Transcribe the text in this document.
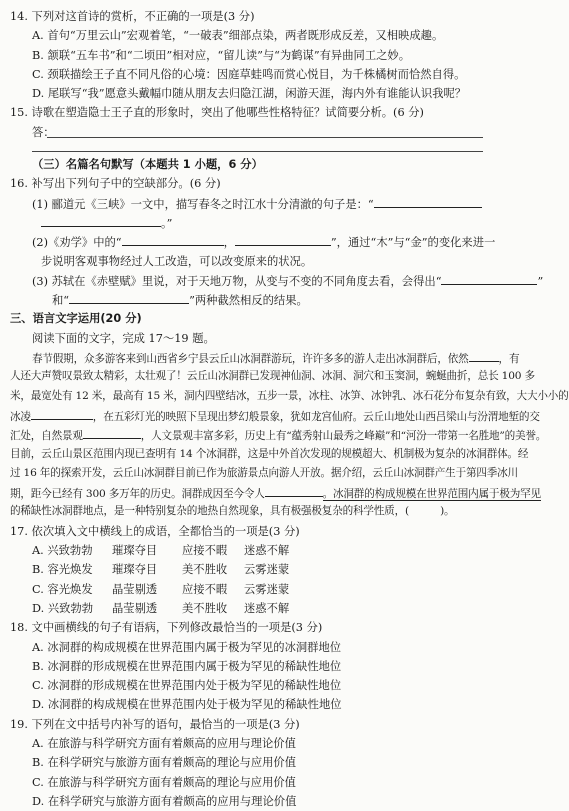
14. 下列对这首诗的赏析，不正确的一项是(3 分)
A. 首句“万里云山”宏观着笔，“一破表”细部点染，两者既形成反差，又相映成趣。
B. 颔联“五车书”和“二顷田”相对应，“留儿读”与“为鹤谋”有异曲同工之妙。
C. 颈联描绘王子直不同凡俗的心境：因庭草蛙鸣而赏心悦目，为千株橘树而恰然自得。
D. 尾联写“我”愿意头戴幅巾随从朋友去归隐江湖，闲游天涯，海内外有谁能认识我呢？
15. 诗歌在塑造隐士王子直的形象时，突出了他哪些性格特征？试简要分析。(6 分)
答：
（三）名篇名句默写（本题共 1 小题，6 分）
16. 补写出下列句子中的空缺部分。(6 分)
(1) 郦道元《三峡》一文中，描写春冬之时江水十分清澈的句子是：“
。”
(2)《劝学》中的“	，	”，通过“木”与“金”的变化来进一
步说明客观事物经过人工改造，可以改变原来的状况。
(3) 苏轼在《赤壁赋》里说，对于天地万物，从变与不变的不同角度去看，会得出“	”
和“	”两种截然相反的结果。
三、语言文字运用(20 分)
阅读下面的文字，完成 17～19 题。
春节假期，众多游客来到山西省乡宁县云丘山冰洞群游玩，许许多多的游人走出冰洞群后，依然	，有
人还大声赞叹景致太精彩，太壮观了！云丘山冰洞群已发现神仙洞、冰洞、洞穴和玉窦洞，蜿蜒曲折，总长 100 多
米，最宽处有 12 米，最高有 15 米，洞内四壁结冰，五步一景，冰柱、冰笋、冰钟乳、冰石花分布复杂有致，大大小小的
冰凌	，在五彩灯光的映照下呈现出梦幻般景象，犹如龙宫仙府。云丘山地处山西吕梁山与汾渭地堑的交
汇处，自然景观	，人文景观丰富多彩，历史上有“蕴秀射山最秀之峰巅”和“河汾一带第一名胜地”的美誉。
目前，云丘山景区范围内现已查明有 14 个冰洞群，这是中外首次发现的规模超大、机制极为复杂的冰洞群体。经
过 16 年的探索开发，云丘山冰洞群目前已作为旅游景点向游人开放。据介绍，云丘山冰洞群产生于第四季冰川
期，距今已经有 300 多万年的历史。洞群成因至今令人	。冰洞群的构成规模在世界范围内属于极为罕见
的稀缺性冰洞群地点，是一种特别复杂的地热自然现象，具有极强极复杂的科学性质，(　　　)。
17. 依次填入文中横线上的成语，全都恰当的一项是(3 分)
A. 兴致勃勃 璀璨夺目 应接不暇 迷惑不解
B. 容光焕发 璀璨夺目 美不胜收 云雾迷蒙
C. 容光焕发 晶莹剔透 应接不暇 云雾迷蒙
D. 兴致勃勃 晶莹剔透 美不胜收 迷惑不解
18. 文中画横线的句子有语病，下列修改最恰当的一项是(3 分)
A. 冰洞群的构成规模在世界范围内属于极为罕见的冰洞群地位
B. 冰洞群的形成规模在世界范围内属于极为罕见的稀缺性地位
C. 冰洞群的形成规模在世界范围内处于极为罕见的稀缺性地位
D. 冰洞群的构成规模在世界范围内处于极为罕见的稀缺性地位
19. 下列在文中括号内补写的语句，最恰当的一项是(3 分)
A. 在旅游与科学研究方面有着颇高的应用与理论价值
B. 在科学研究与旅游方面有着颇高的理论与应用价值
C. 在旅游与科学研究方面有着颇高的理论与应用价值
D. 在科学研究与旅游方面有着颇高的应用与理论价值
